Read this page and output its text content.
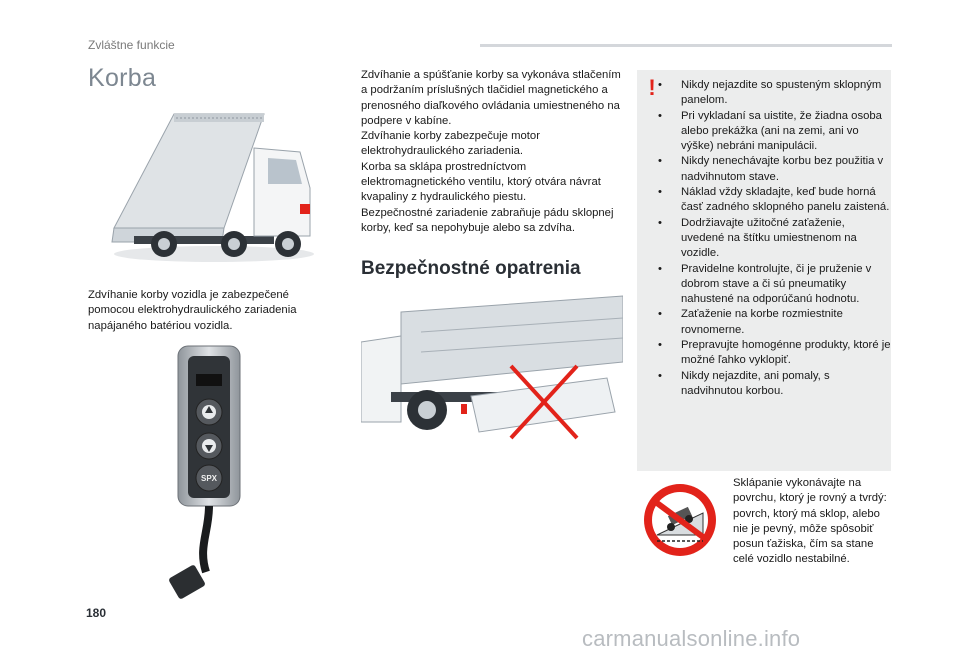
Zvláštne funkcie
Korba

Zdvíhanie korby vozidla je zabezpečené pomocou elektrohydraulického zariadenia napájaného batériou vozidla.

SPX

Zdvíhanie a spúšťanie korby sa vykonáva stlačením a podržaním príslušných tlačidiel magnetického a prenosného diaľkového ovládania umiestneného na podpere v kabíne.

Zdvíhanie korby zabezpečuje motor elektrohydraulického zariadenia.

Korba sa sklápa prostredníctvom elektromagnetického ventilu, ktorý otvára návrat kvapaliny z hydraulického piestu.

Bezpečnostné zariadenie zabraňuje pádu sklopnej korby, keď sa nepohybuje alebo sa zdvíha.

Bezpečnostné opatrenia
!
•	Nikdy nejazdite so spusteným sklopným panelom.
• Pri vykladaní sa uistite, že žiadna osoba alebo prekážka (ani na zemi, ani vo výške) nebráni manipulácii.
• Nikdy nenechávajte korbu bez použitia v nadvihnutom stave.
• Náklad vždy skladajte, keď bude horná časť zadného sklopného panelu zaistená.
• Dodržiavajte užitočné zaťaženie, uvedené na štítku umiestnenom na vozidle.
• Pravidelne kontrolujte, či je pruženie v dobrom stave a či sú pneumatiky nahustené na odporúčanú hodnotu.
• Zaťaženie na korbe rozmiestnite rovnomerne.
• Prepravujte homogénne produkty, ktoré je možné ľahko vyklopiť.
• Nikdy nejazdite, ani pomaly, s nadvihnutou korbou.

Sklápanie vykonávajte na povrchu, ktorý je rovný a tvrdý: povrch, ktorý má sklop, alebo nie je pevný, môže spôsobiť posun ťažiska, čím sa stane celé vozidlo nestabilné.

180
carmanualsonline.info
